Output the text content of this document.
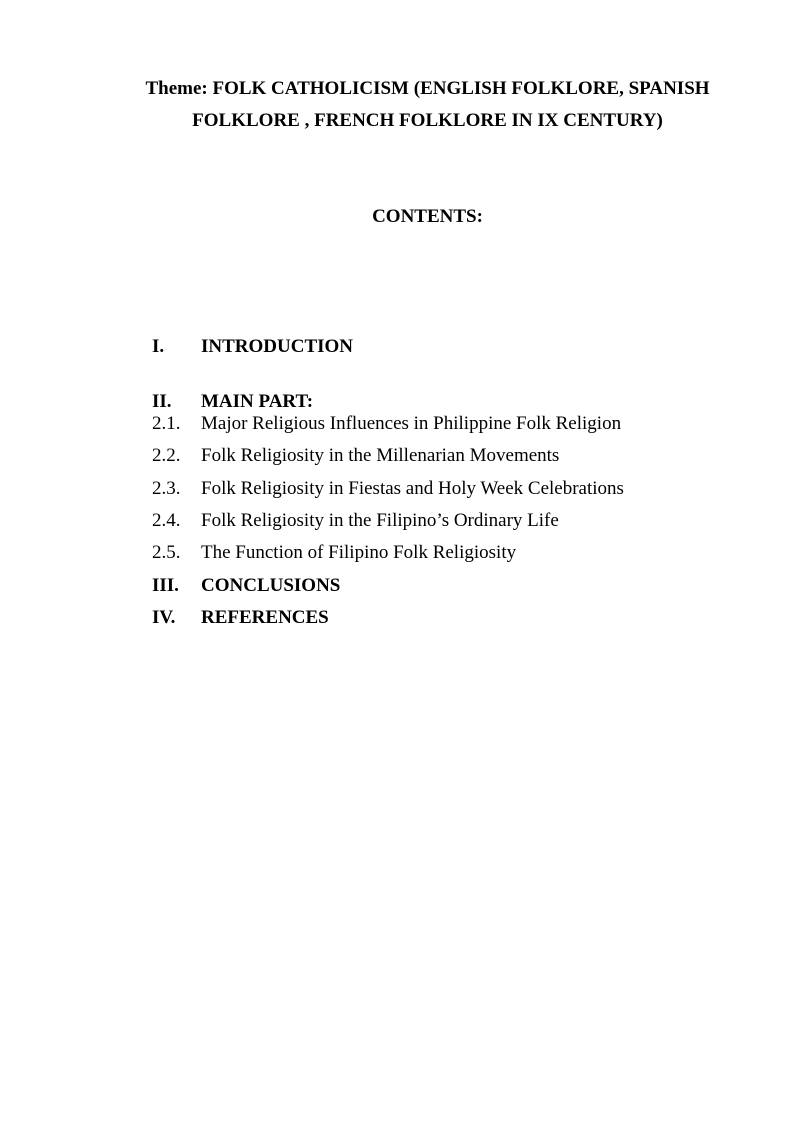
Theme: FOLK CATHOLICISM (ENGLISH FOLKLORE, SPANISH
FOLKLORE , FRENCH FOLKLORE IN IX CENTURY)
CONTENTS:
I. INTRODUCTION
II. MAIN PART:
2.1. Major Religious Influences in Philippine Folk Religion
2.2. Folk Religiosity in the Millenarian Movements
2.3. Folk Religiosity in Fiestas and Holy Week Celebrations
2.4. Folk Religiosity in the Filipino’s Ordinary Life
2.5. The Function of Filipino Folk Religiosity
III. CONCLUSIONS
IV. REFERENCES
